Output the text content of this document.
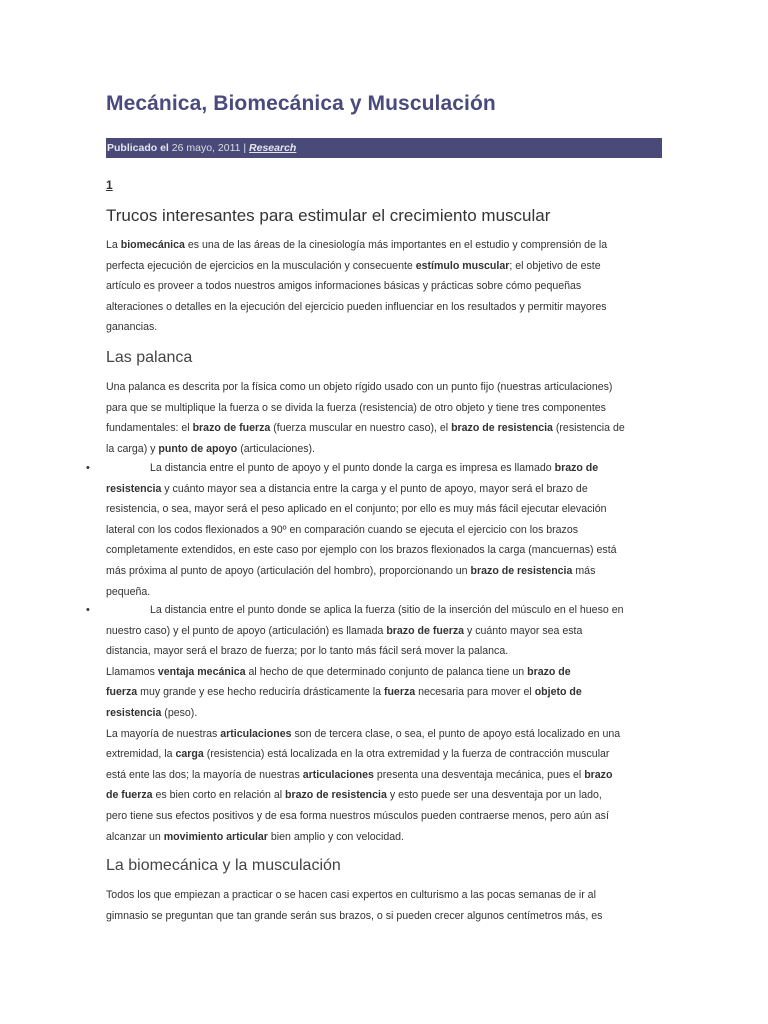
Mecánica, Biomecánica y Musculación
Publicado el 26 mayo, 2011 | Research
1
Trucos interesantes para estimular el crecimiento muscular
La biomecánica es una de las áreas de la cinesiología más importantes en el estudio y comprensión de la
perfecta ejecución de ejercicios en la musculación y consecuente estímulo muscular; el objetivo de este
artículo es proveer a todos nuestros amigos informaciones básicas y prácticas sobre cómo pequeñas
alteraciones o detalles en la ejecución del ejercicio pueden influenciar en los resultados y permitir mayores
ganancias.
Las palanca
Una palanca es descrita por la física como un objeto rígido usado con un punto fijo (nuestras articulaciones)
para que se multiplique la fuerza o se divida la fuerza (resistencia) de otro objeto y tiene tres componentes
fundamentales: el brazo de fuerza (fuerza muscular en nuestro caso), el brazo de resistencia (resistencia de
la carga) y punto de apoyo (articulaciones).
•	La distancia entre el punto de apoyo y el punto donde la carga es impresa es llamado brazo de
resistencia y cuánto mayor sea a distancia entre la carga y el punto de apoyo, mayor será el brazo de
resistencia, o sea, mayor será el peso aplicado en el conjunto; por ello es muy más fácil ejecutar elevación
lateral con los codos flexionados a 90º en comparación cuando se ejecuta el ejercicio con los brazos
completamente extendidos, en este caso por ejemplo con los brazos flexionados la carga (mancuernas) está
más próxima al punto de apoyo (articulación del hombro), proporcionando un brazo de resistencia más
pequeña.
•	La distancia entre el punto donde se aplica la fuerza (sitio de la inserción del músculo en el hueso en
nuestro caso) y el punto de apoyo (articulación) es llamada brazo de fuerza y cuánto mayor sea esta
distancia, mayor será el brazo de fuerza; por lo tanto más fácil será mover la palanca.
Llamamos ventaja mecánica al hecho de que determinado conjunto de palanca tiene un brazo de
fuerza muy grande y ese hecho reduciría drásticamente la fuerza necesaria para mover el objeto de
resistencia (peso).
La mayoría de nuestras articulaciones son de tercera clase, o sea, el punto de apoyo está localizado en una
extremidad, la carga (resistencia) está localizada en la otra extremidad y la fuerza de contracción muscular
está ente las dos; la mayoría de nuestras articulaciones presenta una desventaja mecánica, pues el brazo
de fuerza es bien corto en relación al brazo de resistencia y esto puede ser una desventaja por un lado,
pero tiene sus efectos positivos y de esa forma nuestros músculos pueden contraerse menos, pero aún así
alcanzar un movimiento articular bien amplio y con velocidad.
La biomecánica y la musculación
Todos los que empiezan a practicar o se hacen casi expertos en culturismo a las pocas semanas de ir al
gimnasio se preguntan que tan grande serán sus brazos, o si pueden crecer algunos centímetros más, es
